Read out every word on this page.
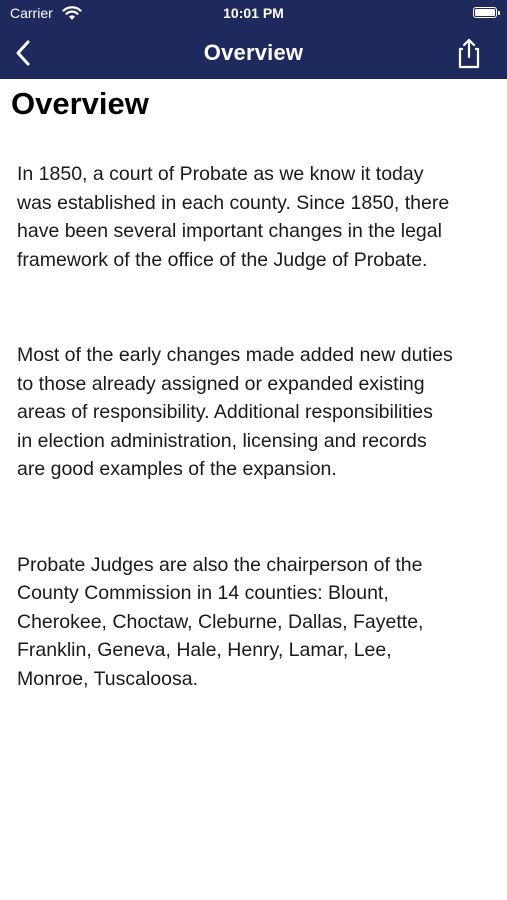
Carrier	10:01 PM
Overview
Overview

In 1850, a court of Probate as we know it today
was established in each county. Since 1850, there
have been several important changes in the legal
framework of the office of the Judge of Probate.

Most of the early changes made added new duties
to those already assigned or expanded existing
areas of responsibility. Additional responsibilities
in election administration, licensing and records
are good examples of the expansion.

Probate Judges are also the chairperson of the
County Commission in 14 counties: Blount,
Cherokee, Choctaw, Cleburne, Dallas, Fayette,
Franklin, Geneva, Hale, Henry, Lamar, Lee,
Monroe, Tuscaloosa.
